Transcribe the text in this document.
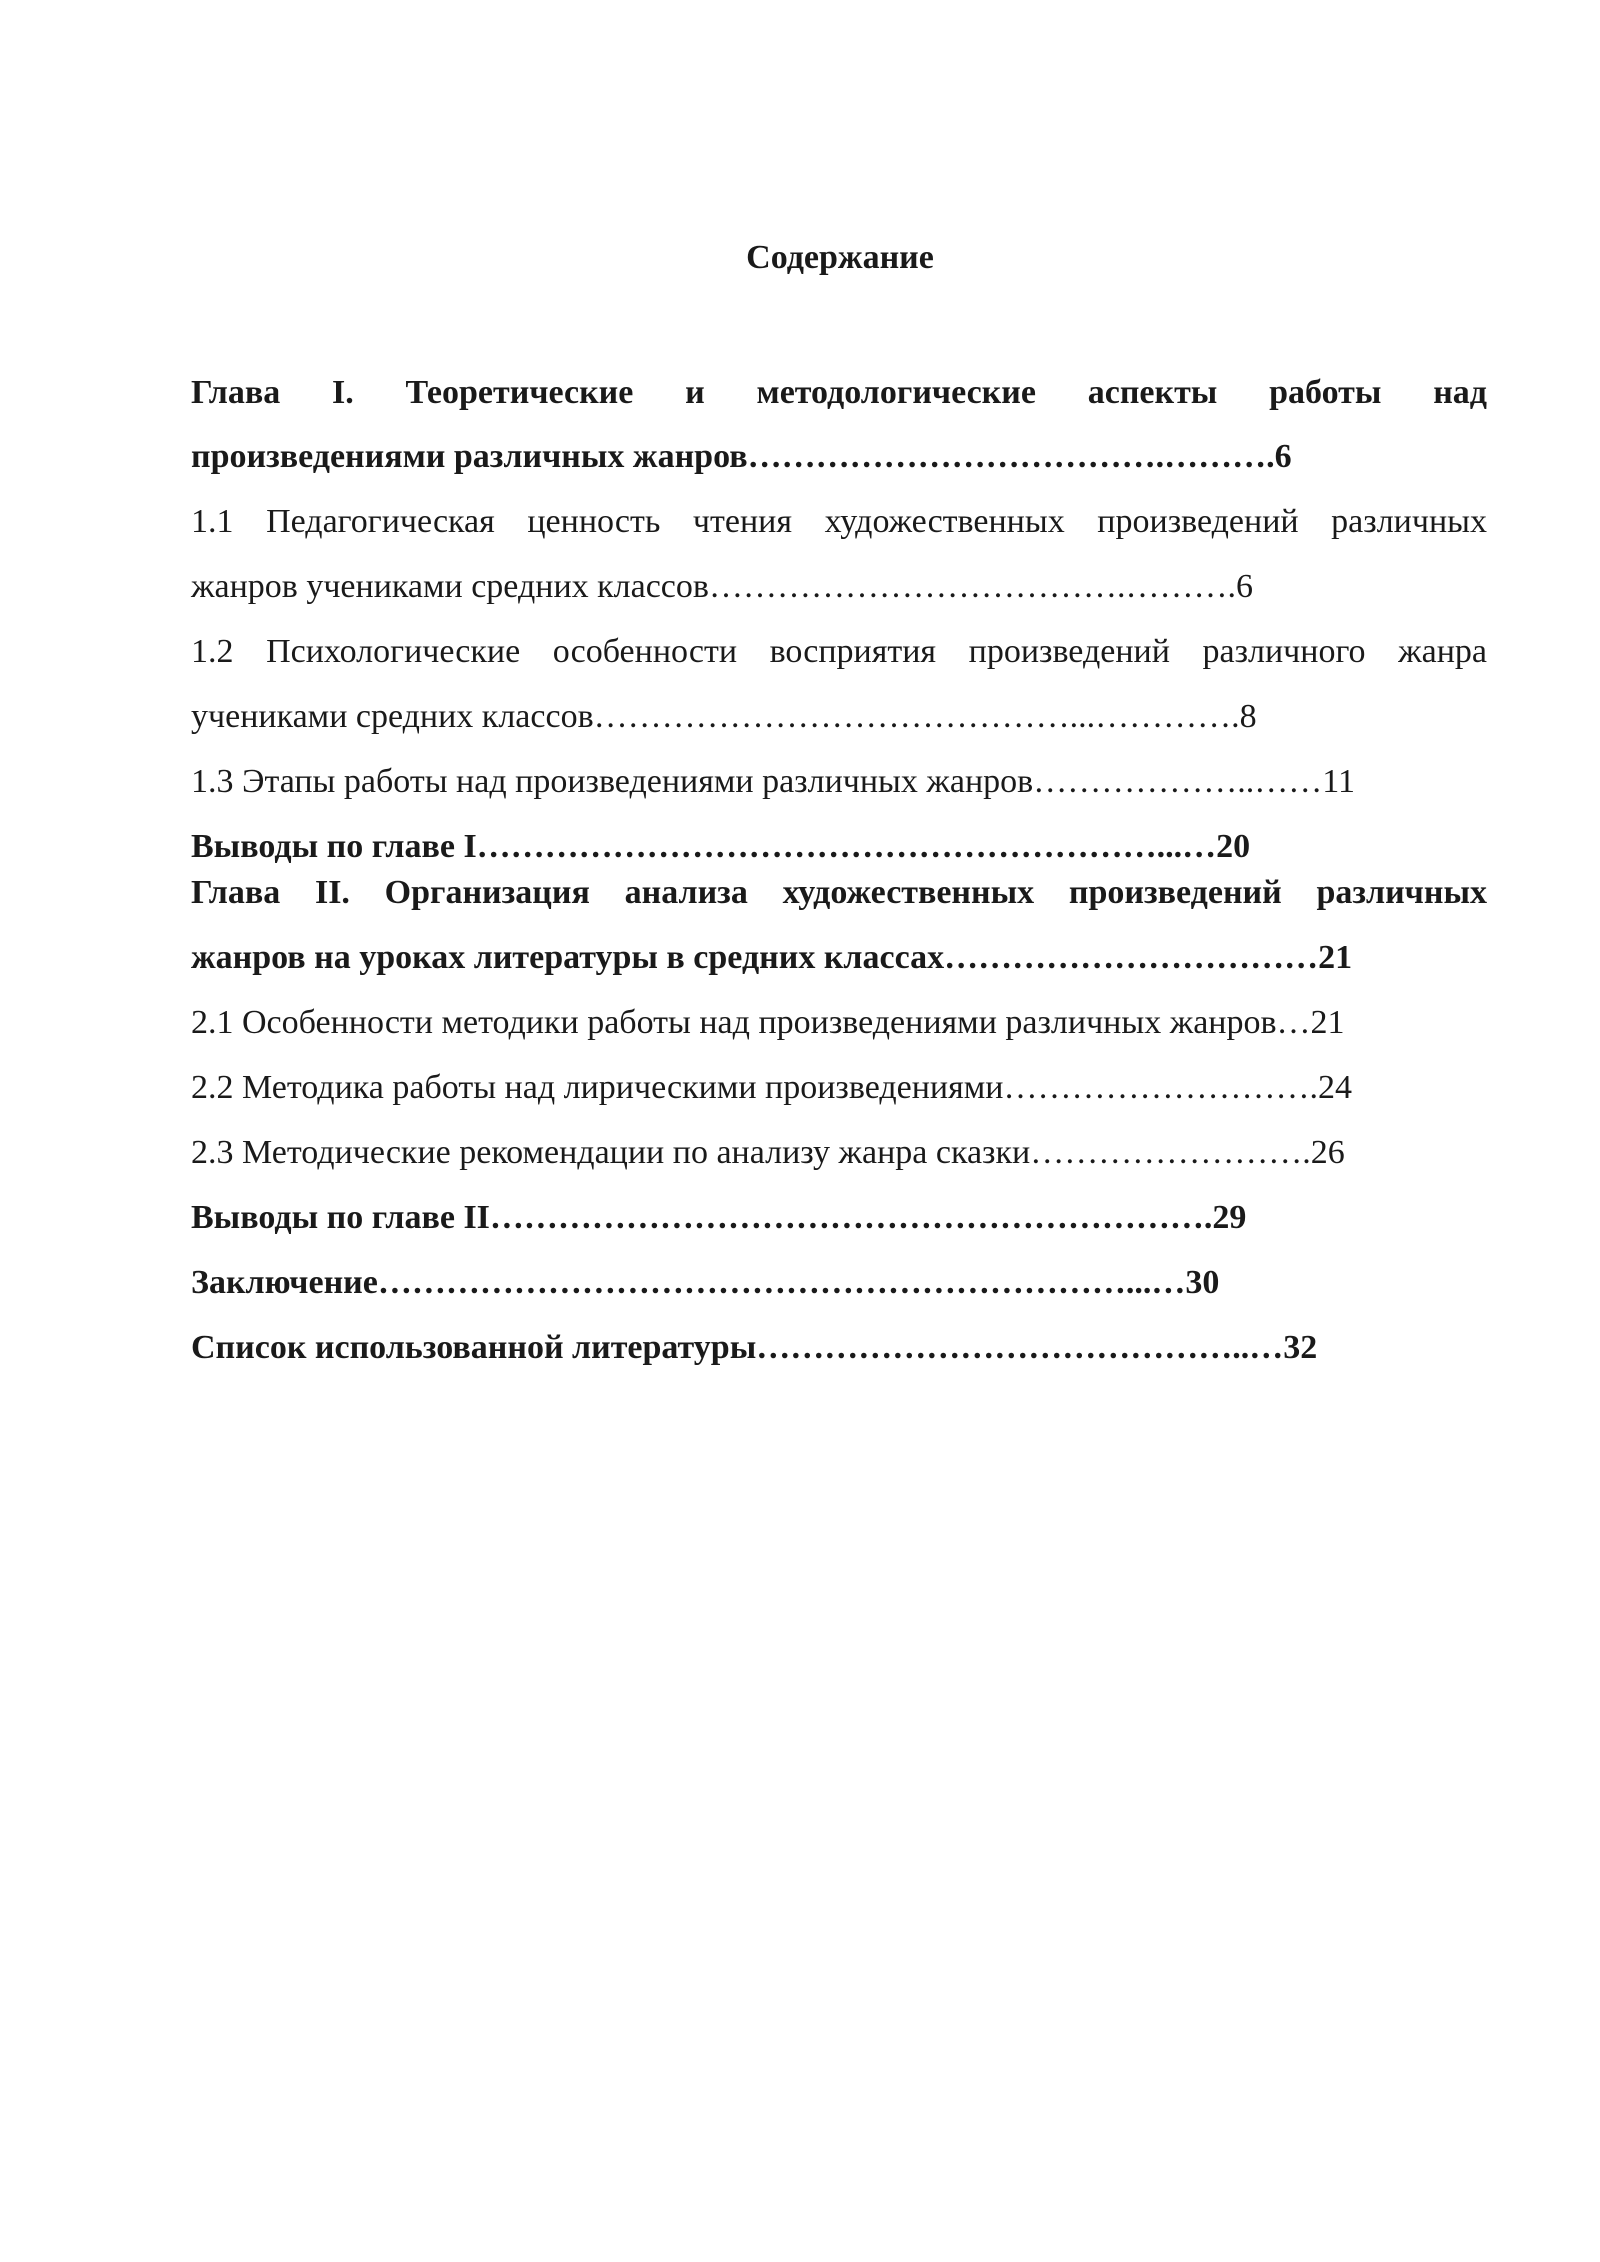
Содержание
Глава I. Теоретические и методологические аспекты работы над
произведениями различных жанров……………………………….……….6
1.1 Педагогическая ценность чтения художественных произведений различных
жанров учениками средних классов……………………………….……….6
1.2 Психологические особенности восприятия произведений различного жанра
учениками средних классов……………………………………...………….8
1.3 Этапы работы над произведениями различных жанров………………..……11
Выводы по главе I……………………………………………………...…20
Глава II. Организация анализа художественных произведений различных
жанров на уроках литературы в средних классах……………………………21
2.1 Особенности методики работы над произведениями различных жанров…21
2.2 Методика работы над лирическими произведениями……………………….24
2.3 Методические рекомендации по анализу жанра сказки…………………….26
Выводы по главе II……………………………………………………….29
Заключение…………………………………………………………...…30
Список использованной литературы……………………………………..…32
